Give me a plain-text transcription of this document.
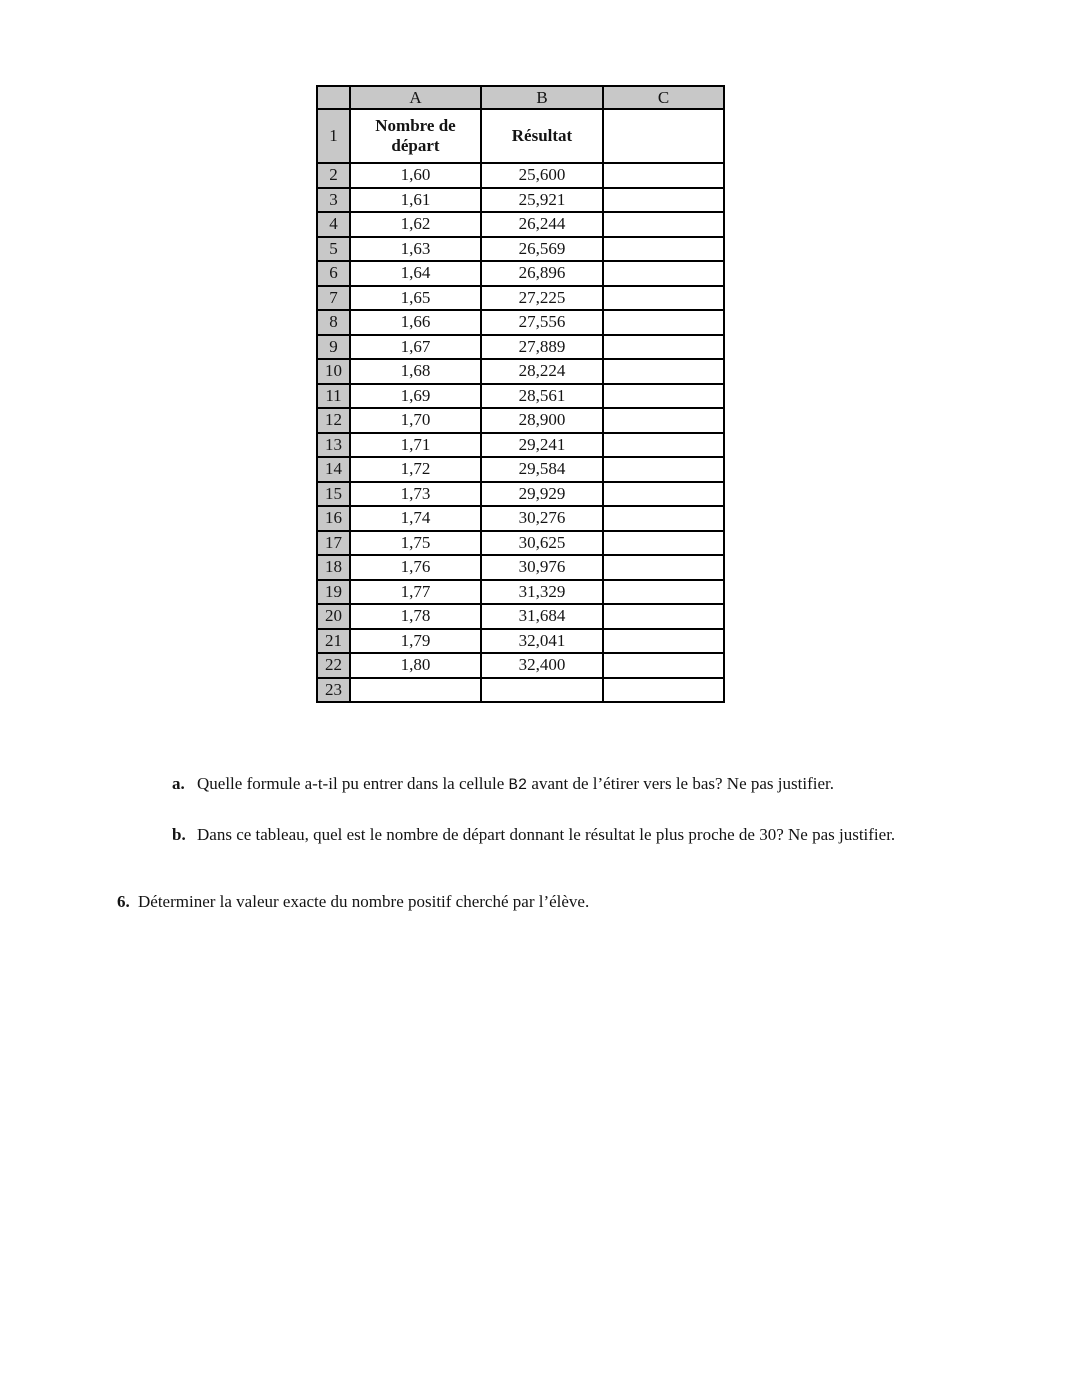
	A	B	C
1	Nombre de départ	Résultat	
2	1,60	25,600	
3	1,61	25,921	
4	1,62	26,244	
5	1,63	26,569	
6	1,64	26,896	
7	1,65	27,225	
8	1,66	27,556	
9	1,67	27,889	
10	1,68	28,224	
11	1,69	28,561	
12	1,70	28,900	
13	1,71	29,241	
14	1,72	29,584	
15	1,73	29,929	
16	1,74	30,276	
17	1,75	30,625	
18	1,76	30,976	
19	1,77	31,329	
20	1,78	31,684	
21	1,79	32,041	
22	1,80	32,400	
23			
a. Quelle formule a-t-il pu entrer dans la cellule B2 avant de l’étirer vers le bas? Ne pas justifier.
b. Dans ce tableau, quel est le nombre de départ donnant le résultat le plus proche de 30? Ne pas justifier.
6. Déterminer la valeur exacte du nombre positif cherché par l’élève.
